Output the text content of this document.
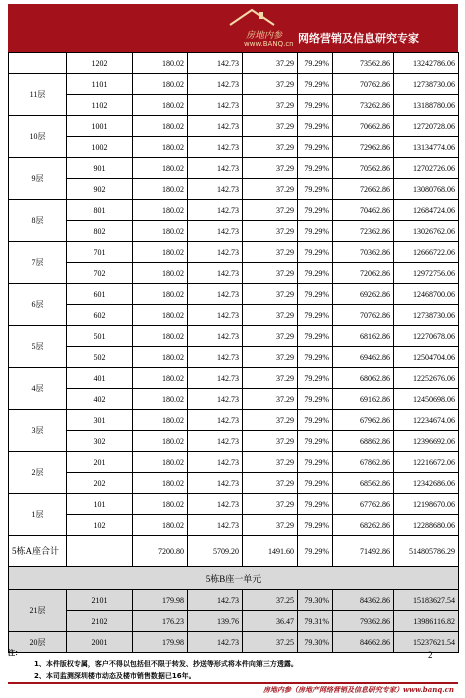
房地内参
www.BANQ.cn 网络营销及信息研究专家
	1202	180.02	142.73	37.29	79.29%	73562.86	13242786.06
11层	1101	180.02	142.73	37.29	79.29%	70762.86	12738730.06
	1102	180.02	142.73	37.29	79.29%	73262.86	13188780.06
10层	1001	180.02	142.73	37.29	79.29%	70662.86	12720728.06
	1002	180.02	142.73	37.29	79.29%	72962.86	13134774.06
9层	901	180.02	142.73	37.29	79.29%	70562.86	12702726.06
	902	180.02	142.73	37.29	79.29%	72662.86	13080768.06
8层	801	180.02	142.73	37.29	79.29%	70462.86	12684724.06
	802	180.02	142.73	37.29	79.29%	72362.86	13026762.06
7层	701	180.02	142.73	37.29	79.29%	70362.86	12666722.06
	702	180.02	142.73	37.29	79.29%	72062.86	12972756.06
6层	601	180.02	142.73	37.29	79.29%	69262.86	12468700.06
	602	180.02	142.73	37.29	79.29%	70762.86	12738730.06
5层	501	180.02	142.73	37.29	79.29%	68162.86	12270678.06
	502	180.02	142.73	37.29	79.29%	69462.86	12504704.06
4层	401	180.02	142.73	37.29	79.29%	68062.86	12252676.06
	402	180.02	142.73	37.29	79.29%	69162.86	12450698.06
3层	301	180.02	142.73	37.29	79.29%	67962.86	12234674.06
	302	180.02	142.73	37.29	79.29%	68862.86	12396692.06
2层	201	180.02	142.73	37.29	79.29%	67862.86	12216672.06
	202	180.02	142.73	37.29	79.29%	68562.86	12342686.06
1层	101	180.02	142.73	37.29	79.29%	67762.86	12198670.06
	102	180.02	142.73	37.29	79.29%	68262.86	12288680.06
5栋A座合计		7200.80	5709.20	1491.60	79.29%	71492.86	514805786.29
5栋B座一单元							
21层	2101	179.98	142.73	37.25	79.30%	84362.86	15183627.54
	2102	176.23	139.76	36.47	79.31%	79362.86	13986116.82
20层	2001	179.98	142.73	37.25	79.30%	84662.86	15237621.54
注：
1、本件版权专属，客户不得以包括但不限于转发、抄送等形式将本件向第三方透露。
2、本司监测深圳楼市动态及楼市销售数据已16年。
2
房地内参（房地产网络营销及信息研究专家）www.banq.cn
